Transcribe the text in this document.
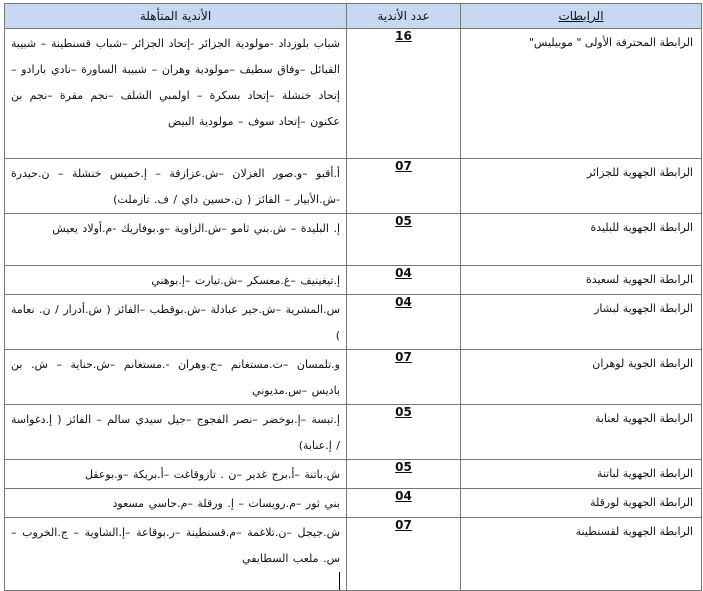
الرابطات	عدد الأندية	الأندية المتأهلة

الرابطة المحترفة الأولى " موبيليس"	16	شباب بلوزداد -مولودية الجزائر -إتحاد الجزائر –شباب قسنطينة – شبيبة القبائل –وفاق سطيف –مولودية وهران – شبيبة الساورة –نادي بارادو –إتحاد خنشلة –إتحاد بسكرة – اولمبي الشلف –نجم مقرة –نجم بن عكنون –إتحاد سوف – مولودية البيض

الرابطة الجهوية للجزائر	07	أ.أقبو –و.صور الغزلان –ش.عزازقة – إ.خميس خنشلة – ن.حيدرة -ش.الأبيار – الفائز ( ن.حسين داي / ف. تازملت)

الرابطة الجهوية للبليدة	05	إ. البليدة – ش.بني ثامو –ش.الزاوية –و.بوفاريك -م.أولاد يعيش

الرابطة الجهوية لسعيدة	04	إ.تيغينيف –غ.معسكر –ش.تيارت –إ.بوهني

الرابطة الجهوية لبشار	04	س.المشرية –ش.جير عبادلة –ش.بوقطب –الفائز ( ش.أدرار / ن. نعامة )

الرابطة الجوية لوهران	07	و.تلمسان –ت.مستغانم –ج.وهران -.مستغانم –ش.حناية – ش. بن باديس –س.مديوني

الرابطة الجهوية لعنابة	05	إ.تبسة –إ.بوخضر –نصر الفجوج –جيل سيدي سالم – الفائز ( إ.دغواسة / إ.عنابة)

الرابطة الجهوية لباتنة	05	ش.باتنة –أ.برج غدير –ن . تازوقاغت –أ.بريكة –و.بوعقل

الرابطة الجهوية لورقلة	04	بني ثور –م.رويسات – إ. ورقلة –م.حاسي مسعود

الرابطة الجهوية لقسنطينة	07	ش.جيجل –ن.تلاغمة –م.قسنطينة –ر.بوقاعة –إ.الشاوية – ج.الخروب –س. ملعب السطايفي
